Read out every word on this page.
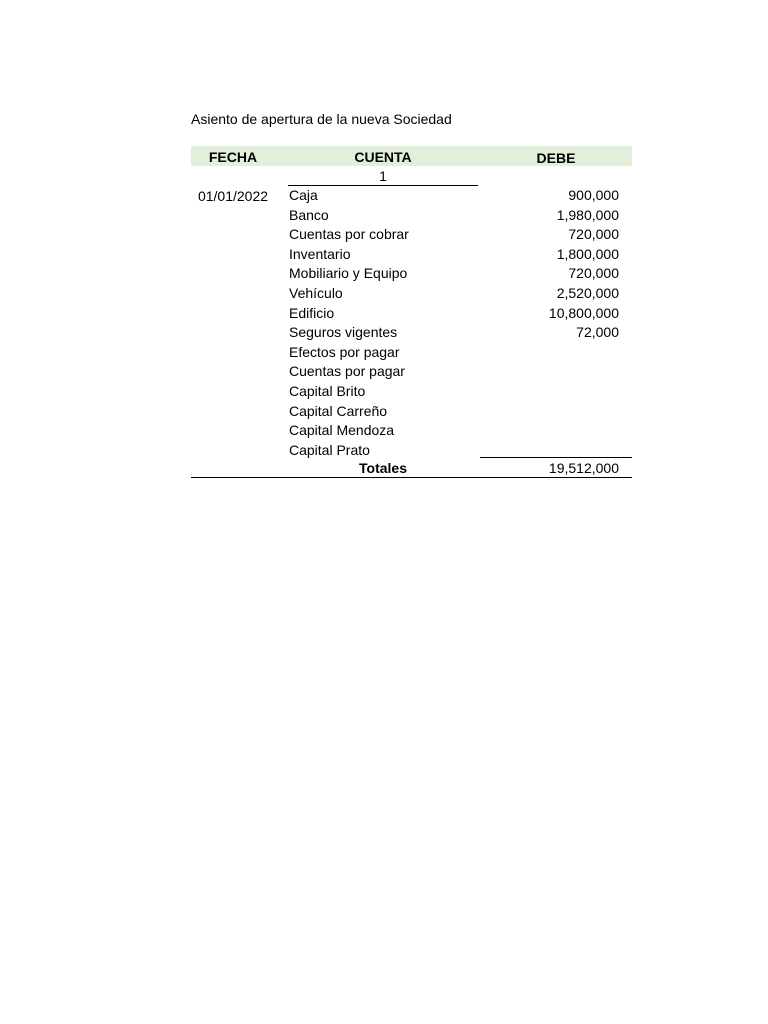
Asiento de apertura de la nueva Sociedad
FECHA	CUENTA	DEBE
1
01/01/2022	Caja	900,000
Banco	1,980,000
Cuentas por cobrar	720,000
Inventario	1,800,000
Mobiliario y Equipo	720,000
Vehículo	2,520,000
Edificio	10,800,000
Seguros vigentes	72,000
Efectos por pagar
Cuentas por pagar
Capital Brito
Capital Carreño
Capital Mendoza
Capital Prato
Totales	19,512,000
